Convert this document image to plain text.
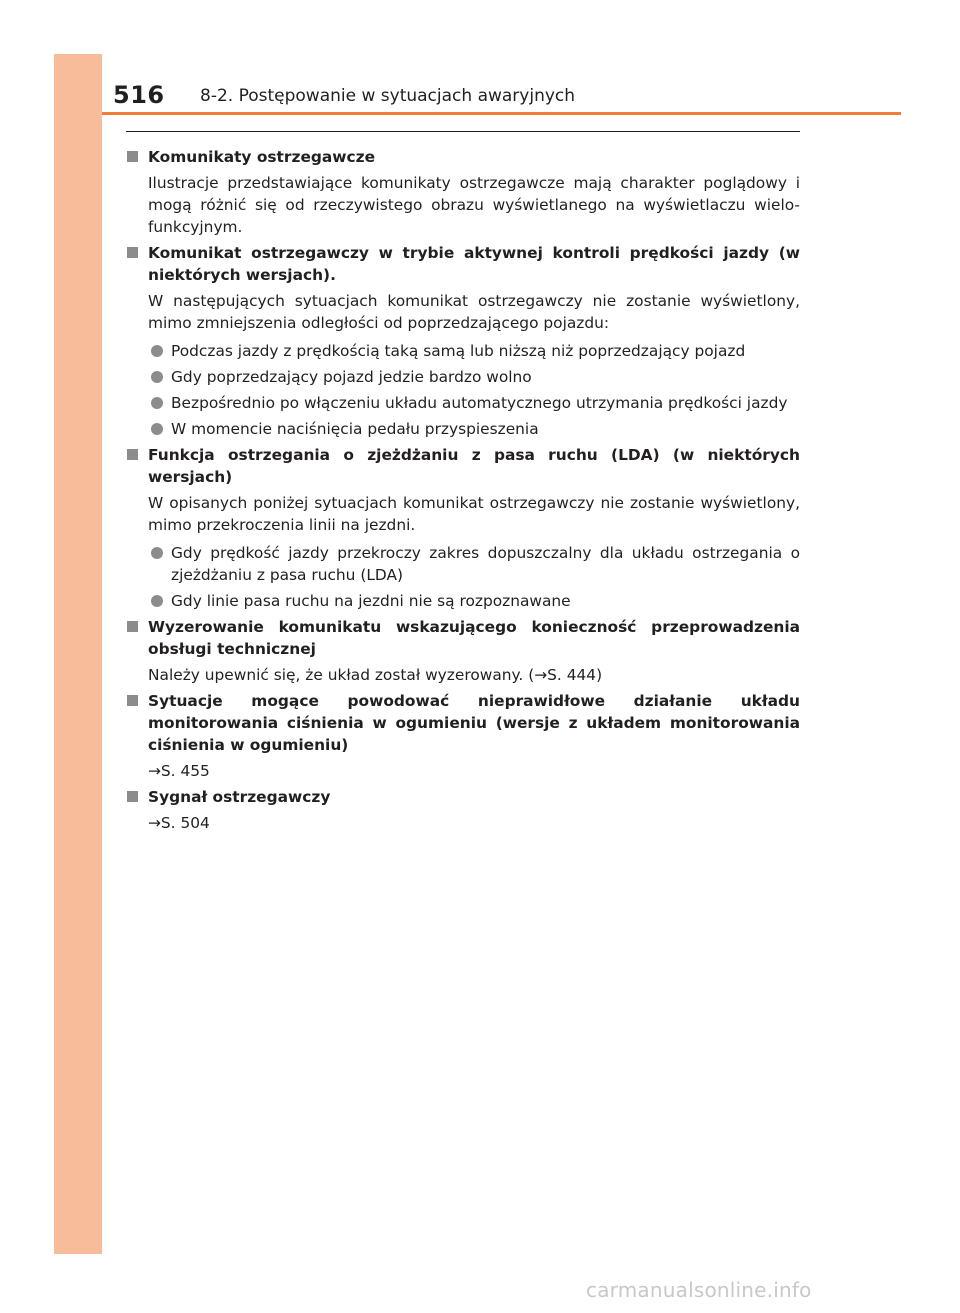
516 8-2. Postępowanie w sytuacjach awaryjnych
Komunikaty ostrzegawcze
Ilustracje przedstawiające komunikaty ostrzegawcze mają charakter poglądowy i mogą różnić się od rzeczywistego obrazu wyświetlanego na wyświetlaczu wielo-funkcyjnym.
Komunikat ostrzegawczy w trybie aktywnej kontroli prędkości jazdy (w niektórych wersjach).
W następujących sytuacjach komunikat ostrzegawczy nie zostanie wyświetlony, mimo zmniejszenia odległości od poprzedzającego pojazdu:
Podczas jazdy z prędkością taką samą lub niższą niż poprzedzający pojazd
Gdy poprzedzający pojazd jedzie bardzo wolno
Bezpośrednio po włączeniu układu automatycznego utrzymania prędkości jazdy
W momencie naciśnięcia pedału przyspieszenia
Funkcja ostrzegania o zjeżdżaniu z pasa ruchu (LDA) (w niektórych wersjach)
W opisanych poniżej sytuacjach komunikat ostrzegawczy nie zostanie wyświetlony, mimo przekroczenia linii na jezdni.
Gdy prędkość jazdy przekroczy zakres dopuszczalny dla układu ostrzegania o zjeżdżaniu z pasa ruchu (LDA)
Gdy linie pasa ruchu na jezdni nie są rozpoznawane
Wyzerowanie komunikatu wskazującego konieczność przeprowadzenia obsługi technicznej
Należy upewnić się, że układ został wyzerowany. (→S. 444)
Sytuacje mogące powodować nieprawidłowe działanie układu monitorowania ciśnienia w ogumieniu (wersje z układem monitorowania ciśnienia w ogumieniu)
→S. 455
Sygnał ostrzegawczy
→S. 504
carmanualsonline.info
